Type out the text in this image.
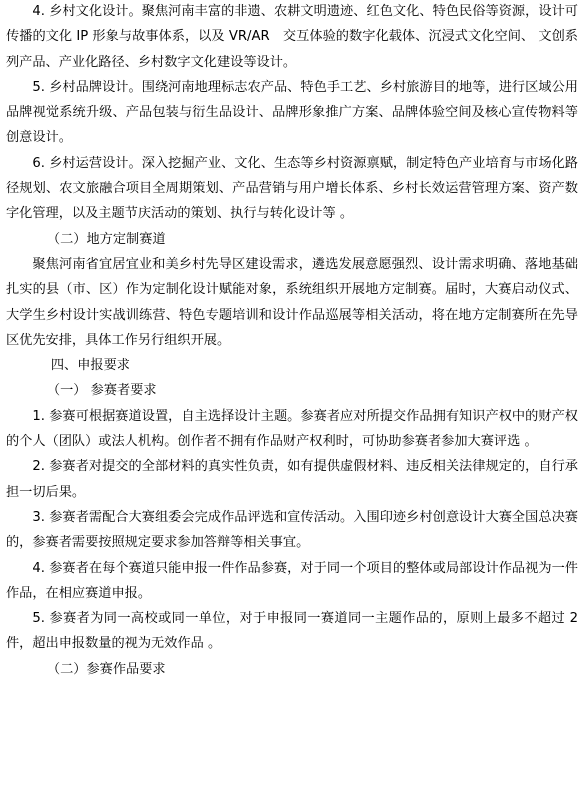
4. 乡村文化设计。聚焦河南丰富的非遗、农耕文明遗迹、红色文化、特色民俗等资源，设计可传播的文化 IP 形象与故事体系，以及 VR/AR　交互体验的数字化载体、沉浸式文化空间、 文创系列产品、产业化路径、乡村数字文化建设等设计。

5. 乡村品牌设计。围绕河南地理标志农产品、特色手工艺、乡村旅游目的地等，进行区域公用品牌视觉系统升级、产品包装与衍生品设计、品牌形象推广方案、品牌体验空间及核心宣传物料等创意设计。

6. 乡村运营设计。深入挖掘产业、文化、生态等乡村资源禀赋，制定特色产业培育与市场化路径规划、农文旅融合项目全周期策划、产品营销与用户增长体系、乡村长效运营管理方案、资产数字化管理，以及主题节庆活动的策划、执行与转化设计等 。

（二）地方定制赛道

聚焦河南省宜居宜业和美乡村先导区建设需求，遴选发展意愿强烈、设计需求明确、落地基础扎实的县（市、区）作为定制化设计赋能对象，系统组织开展地方定制赛。届时，大赛启动仪式、大学生乡村设计实战训练营、特色专题培训和设计作品巡展等相关活动，将在地方定制赛所在先导区优先安排，具体工作另行组织开展。

四、申报要求

（一） 参赛者要求

1. 参赛可根据赛道设置，自主选择设计主题。参赛者应对所提交作品拥有知识产权中的财产权的个人（团队）或法人机构。创作者不拥有作品财产权利时，可协助参赛者参加大赛评选 。

2. 参赛者对提交的全部材料的真实性负责，如有提供虚假材料、违反相关法律规定的，自行承担一切后果。

3. 参赛者需配合大赛组委会完成作品评选和宣传活动。入围印迹乡村创意设计大赛全国总决赛的，参赛者需要按照规定要求参加答辩等相关事宜。

4. 参赛者在每个赛道只能申报一件作品参赛，对于同一个项目的整体或局部设计作品视为一件作品，在相应赛道申报。

5. 参赛者为同一高校或同一单位，对于申报同一赛道同一主题作品的，原则上最多不超过 2件，超出申报数量的视为无效作品 。

（二）参赛作品要求
